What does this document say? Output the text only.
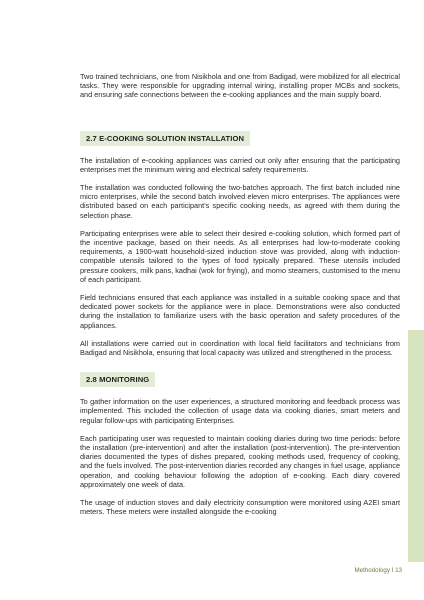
Two trained technicians, one from Nisikhola and one from Badigad, were mobilized for all electrical tasks. They were responsible for upgrading internal wiring, installing proper MCBs and sockets, and ensuring safe connections between the e-cooking appliances and the main supply board.

2.7 E-COOKING SOLUTION INSTALLATION

The installation of e-cooking appliances was carried out only after ensuring that the participating enterprises met the minimum wiring and electrical safety requirements.

The installation was conducted following the two-batches approach. The first batch included nine micro enterprises, while the second batch involved eleven micro enterprises. The appliances were distributed based on each participant’s specific cooking needs, as agreed with them during the selection phase.

Participating enterprises were able to select their desired e-cooking solution, which formed part of the incentive package, based on their needs. As all enterprises had low-to-moderate cooking requirements, a 1900-watt household-sized induction stove was provided, along with induction-compatible utensils tailored to the types of food typically prepared. These utensils included pressure cookers, milk pans, kadhai (wok for frying), and momo steamers, customised to the menu of each participant.

Field technicians ensured that each appliance was installed in a suitable cooking space and that dedicated power sockets for the appliance were in place. Demonstrations were also conducted during the installation to familiarize users with the basic operation and safety procedures of the appliances.

All installations were carried out in coordination with local field facilitators and technicians from Badigad and Nisikhola, ensuring that local capacity was utilized and strengthened in the process.

2.8 MONITORING

To gather information on the user experiences, a structured monitoring and feedback process was implemented. This included the collection of usage data via cooking diaries, smart meters and regular follow-ups with participating Enterprises.

Each participating user was requested to maintain cooking diaries during two time periods: before the installation (pre-intervention) and after the installation (post-intervention). The pre-intervention diaries documented the types of dishes prepared, cooking methods used, frequency of cooking, and the fuels involved. The post-intervention diaries recorded any changes in fuel usage, appliance operation, and cooking behaviour following the adoption of e-cooking. Each diary covered approximately one week of data.

The usage of induction stoves and daily electricity consumption were monitored using A2EI smart meters. These meters were installed alongside the e-cooking

Methodology I 13
